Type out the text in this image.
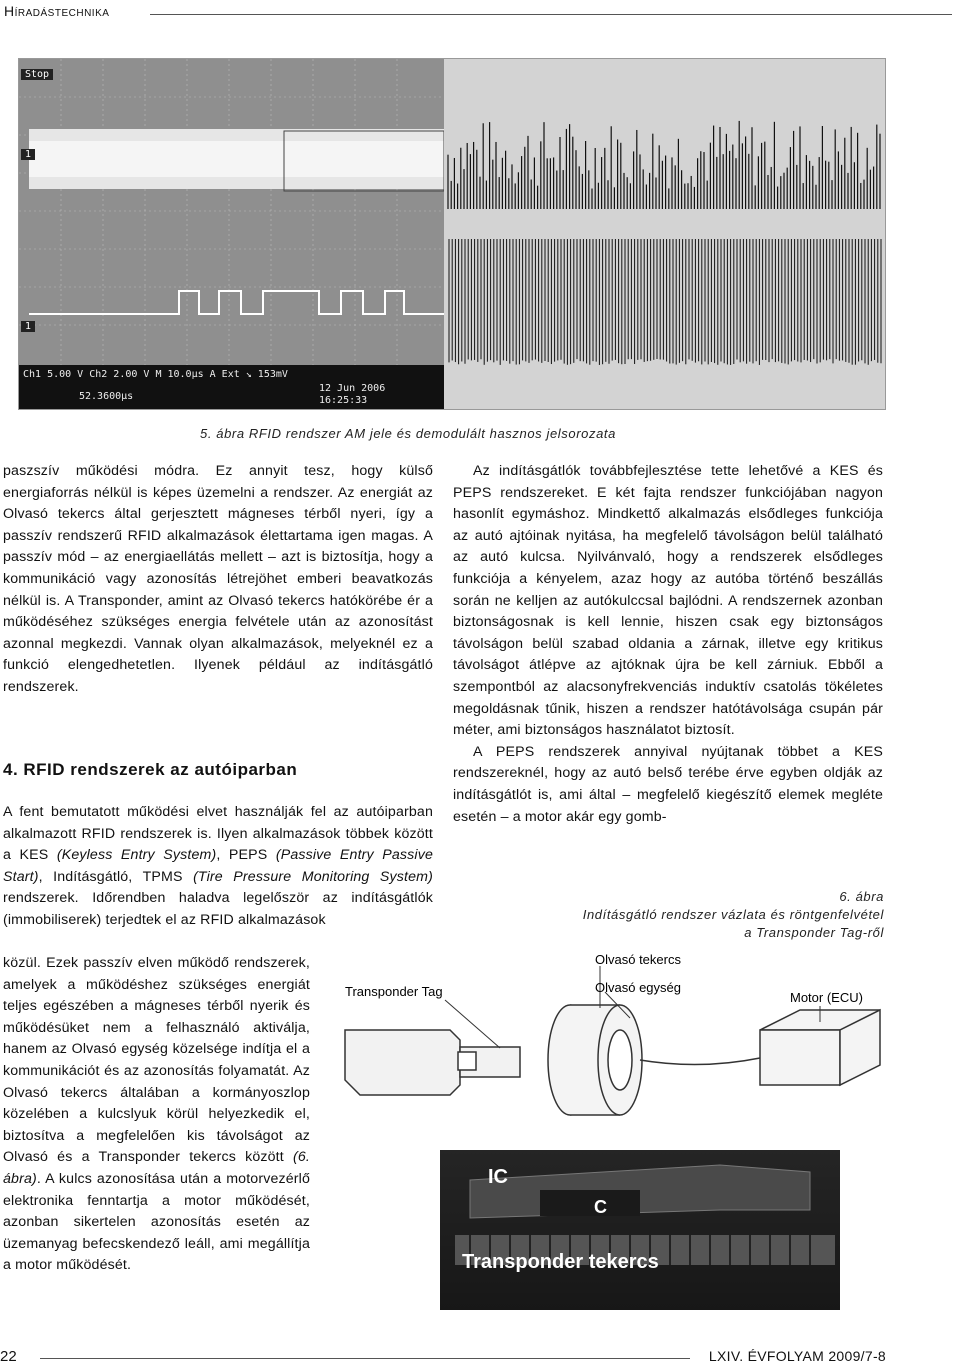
Híradástechnika
Stop
1
1
Ch1 5.00 V Ch2 2.00 V M 10.0µs A Ext ↘ 153mV
52.3600µs
12 Jun 2006
16:25:33
5. ábra RFID rendszer AM jele és demodulált hasznos jelsorozata

paszszív működési módra. Ez annyit tesz, hogy külső energiaforrás nélkül is képes üzemelni a rendszer. Az energiát az Olvasó tekercs által gerjesztett mágneses térből nyeri, így a passzív rendszerű RFID alkalmazások élettartama igen magas. A passzív mód – az energiaellátás mellett – azt is biztosítja, hogy a kommunikáció vagy azonosítás létrejöhet emberi beavatkozás nélkül is. A Transponder, amint az Olvasó tekercs hatókörébe ér a működéséhez szükséges energia felvétele után az azonosítást azonnal megkezdi. Vannak olyan alkalmazások, melyeknél ez a funkció elengedhetetlen. Ilyenek például az indításgátló rendszerek.

4. RFID rendszerek az autóiparban

A fent bemutatott működési elvet használják fel az autóiparban alkalmazott RFID rendszerek is. Ilyen alkalmazások többek között a KES (Keyless Entry System), PEPS (Passive Entry Passive Start), Indításgátló, TPMS (Tire Pressure Monitoring System) rendszerek. Időrendben haladva legelőször az indításgátlók (immobiliserek) terjedtek el az RFID alkalmazások

közül. Ezek passzív elven működő rendszerek, amelyek a működéshez szükséges energiát teljes egészében a mágneses térből nyerik és működésüket nem a felhasználó aktiválja, hanem az Olvasó egység közelsége indítja el a kommunikációt és az azonosítás folyamatát. Az Olvasó tekercs általában a kormányoszlop közelében a kulcslyuk körül helyezkedik el, biztosítva a megfelelően kis távolságot az Olvasó és a Transponder tekercs között (6. ábra). A kulcs azonosítása után a motorvezérlő elektronika fenntartja a motor működését, azonban sikertelen azonosítás esetén az üzemanyag befecskendező leáll, ami megállítja a motor működését.

Az indításgátlók továbbfejlesztése tette lehetővé a KES és PEPS rendszereket. E két fajta rendszer funkciójában nagyon hasonlít egymáshoz. Mindkettő alkalmazás elsődleges funkciója az autó ajtóinak nyitása, ha megfelelő távolságon belül található az autó kulcsa. Nyilvánvaló, hogy a rendszerek elsődleges funkciója a kényelem, azaz hogy az autóba történő beszállás során ne kelljen az autókulccsal bajlódni. A rendszernek azonban biztonságosnak is kell lennie, hiszen csak egy biztonságos távolságon belül szabad oldania a zárnak, illetve egy kritikus távolságot átlépve az ajtóknak újra be kell zárniuk. Ebből a szempontból az alacsonyfrekvenciás induktív csatolás tökéletes megoldásnak tűnik, hiszen a rendszer hatótávolsága csupán pár méter, ami biztonságos használatot biztosít.

A PEPS rendszerek annyival nyújtanak többet a KES rendszereknél, hogy az autó belső terébe érve egyben oldják az indításgátlót is, ami által – megfelelő kiegészítő elemek megléte esetén – a motor akár egy gomb-

6. ábra
Indításgátló rendszer vázlata és röntgenfelvétel
a Transponder Tag-ről
Olvasó tekercs
Transponder Tag	Olvasó egység
Motor (ECU)
IC
C
Transponder tekercs
22	LXIV. ÉVFOLYAM 2009/7-8
